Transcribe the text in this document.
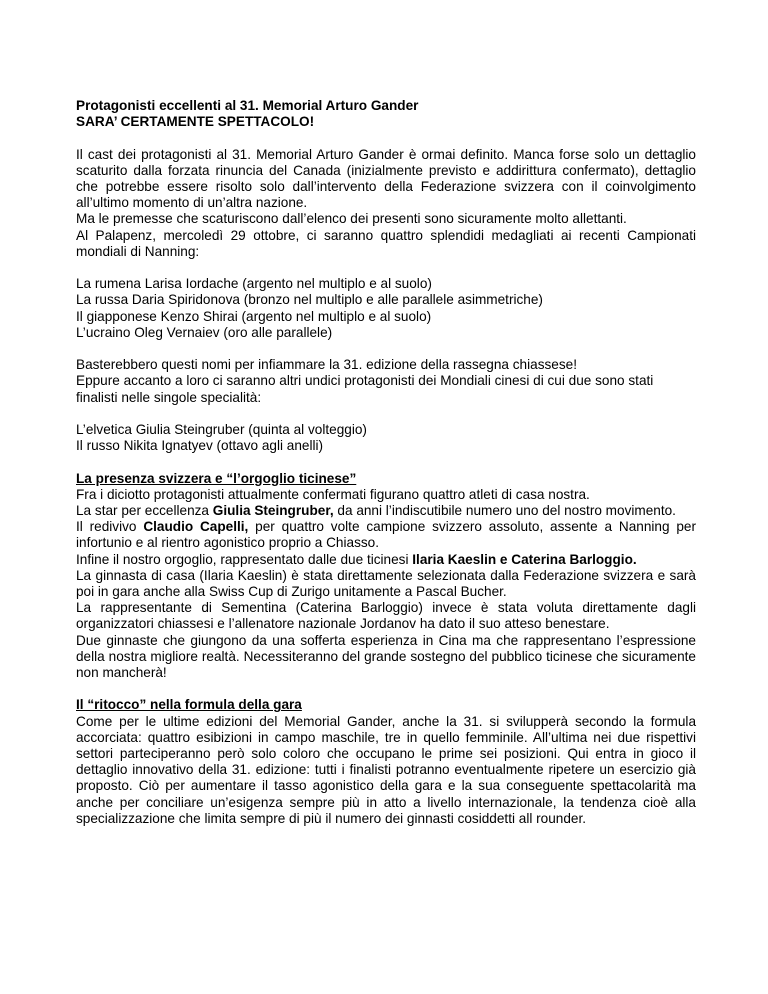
Protagonisti eccellenti al 31. Memorial Arturo Gander

SARA’ CERTAMENTE SPETTACOLO!

Il cast dei protagonisti al 31. Memorial Arturo Gander è ormai definito. Manca forse solo un dettaglio scaturito dalla forzata rinuncia del Canada (inizialmente previsto e addirittura confermato), dettaglio che potrebbe essere risolto solo dall’intervento della Federazione svizzera con il coinvolgimento all’ultimo momento di un’altra nazione.

Ma le premesse che scaturiscono dall’elenco dei presenti sono sicuramente molto allettanti.

Al Palapenz, mercoledì 29 ottobre, ci saranno quattro splendidi medagliati ai recenti Campionati mondiali di Nanning:

La rumena Larisa Iordache (argento nel multiplo e al suolo)

La russa Daria Spiridonova (bronzo nel multiplo e alle parallele asimmetriche)

Il giapponese Kenzo Shirai (argento nel multiplo e al suolo)

L’ucraino Oleg Vernaiev (oro alle parallele)

Basterebbero questi nomi per infiammare la 31. edizione della rassegna chiassese!

Eppure accanto a loro ci saranno altri undici protagonisti dei Mondiali cinesi di cui due sono stati finalisti nelle singole specialità:

L’elvetica Giulia Steingruber (quinta al volteggio)

Il russo Nikita Ignatyev (ottavo agli anelli)

La presenza svizzera e “l’orgoglio ticinese”

Fra i diciotto protagonisti attualmente confermati figurano quattro atleti di casa nostra.

La star per eccellenza Giulia Steingruber, da anni l’indiscutibile numero uno del nostro movimento.

Il redivivo Claudio Capelli, per quattro volte campione svizzero assoluto, assente a Nanning per infortunio e al rientro agonistico proprio a Chiasso.

Infine il nostro orgoglio, rappresentato dalle due ticinesi Ilaria Kaeslin e Caterina Barloggio.

La ginnasta di casa (Ilaria Kaeslin) è stata direttamente selezionata dalla Federazione svizzera e sarà poi in gara anche alla Swiss Cup di Zurigo unitamente a Pascal Bucher.

La rappresentante di Sementina (Caterina Barloggio) invece è stata voluta direttamente dagli organizzatori chiassesi e l’allenatore nazionale Jordanov ha dato il suo atteso benestare.

Due ginnaste che giungono da una sofferta esperienza in Cina ma che rappresentano l’espressione della nostra migliore realtà. Necessiteranno del grande sostegno del pubblico ticinese che sicuramente non mancherà!

Il “ritocco” nella formula della gara

Come per le ultime edizioni del Memorial Gander, anche la 31. si svilupperà secondo la formula accorciata: quattro esibizioni in campo maschile, tre in quello femminile. All’ultima nei due rispettivi settori parteciperanno però solo coloro che occupano le prime sei posizioni. Qui entra in gioco il dettaglio innovativo della 31. edizione: tutti i finalisti potranno eventualmente ripetere un esercizio già proposto. Ciò per aumentare il tasso agonistico della gara e la sua conseguente spettacolarità ma anche per conciliare un’esigenza sempre più in atto a livello internazionale, la tendenza cioè alla specializzazione che limita sempre di più il numero dei ginnasti cosiddetti all rounder.
